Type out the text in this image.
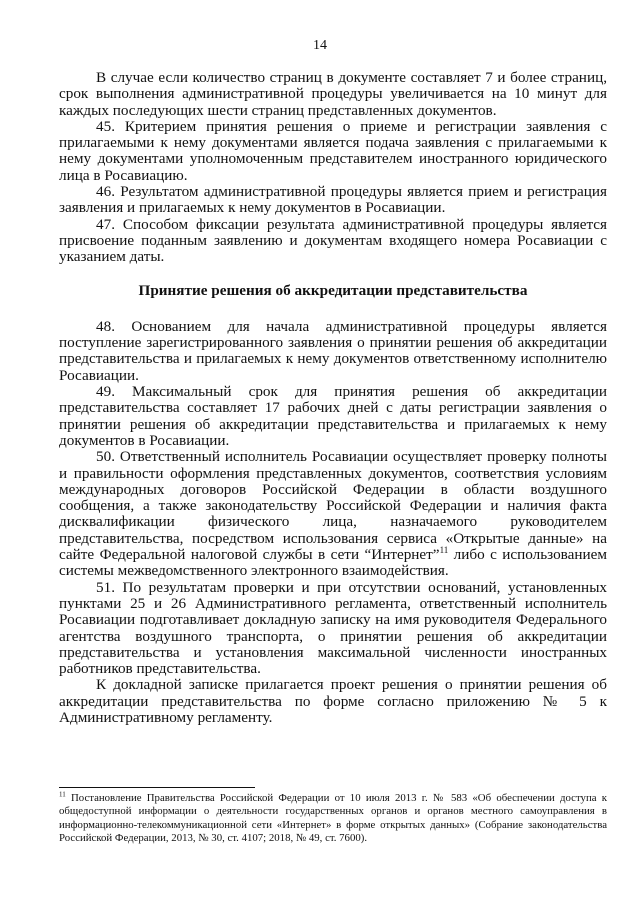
14

В случае если количество страниц в документе составляет 7 и более страниц, срок выполнения административной процедуры увеличивается на 10 минут для каждых последующих шести страниц представленных документов.

45. Критерием принятия решения о приеме и регистрации заявления с прилагаемыми к нему документами является подача заявления с прилагаемыми к нему документами уполномоченным представителем иностранного юридического лица в Росавиацию.

46. Результатом административной процедуры является прием и регистрация заявления и прилагаемых к нему документов в Росавиации.

47. Способом фиксации результата административной процедуры является присвоение поданным заявлению и документам входящего номера Росавиации с указанием даты.

Принятие решения об аккредитации представительства

48. Основанием для начала административной процедуры является поступление зарегистрированного заявления о принятии решения об аккредитации представительства и прилагаемых к нему документов ответственному исполнителю Росавиации.

49. Максимальный срок для принятия решения об аккредитации представительства составляет 17 рабочих дней с даты регистрации заявления о принятии решения об аккредитации представительства и прилагаемых к нему документов в Росавиации.

50. Ответственный исполнитель Росавиации осуществляет проверку полноты и правильности оформления представленных документов, соответствия условиям международных договоров Российской Федерации в области воздушного сообщения, а также законодательству Российской Федерации и наличия факта дисквалификации физического лица, назначаемого руководителем представительства, посредством использования сервиса «Открытые данные» на сайте Федеральной налоговой службы в сети “Интернет”$^{11}$ либо с использованием системы межведомственного электронного взаимодействия.

51. По результатам проверки и при отсутствии оснований, установленных пунктами 25 и 26 Административного регламента, ответственный исполнитель Росавиации подготавливает докладную записку на имя руководителя Федерального агентства воздушного транспорта, о принятии решения об аккредитации представительства и установления максимальной численности иностранных работников представительства.

К докладной записке прилагается проект решения о принятии решения об аккредитации представительства по форме согласно приложению № 5 к Административному регламенту.

$^{11}$ Постановление Правительства Российской Федерации от 10 июля 2013 г. № 583 «Об обеспечении доступа к общедоступной информации о деятельности государственных органов и органов местного самоуправления в информационно-телекоммуникационной сети «Интернет» в форме открытых данных» (Собрание законодательства Российской Федерации, 2013, № 30, ст. 4107; 2018, № 49, ст. 7600).
